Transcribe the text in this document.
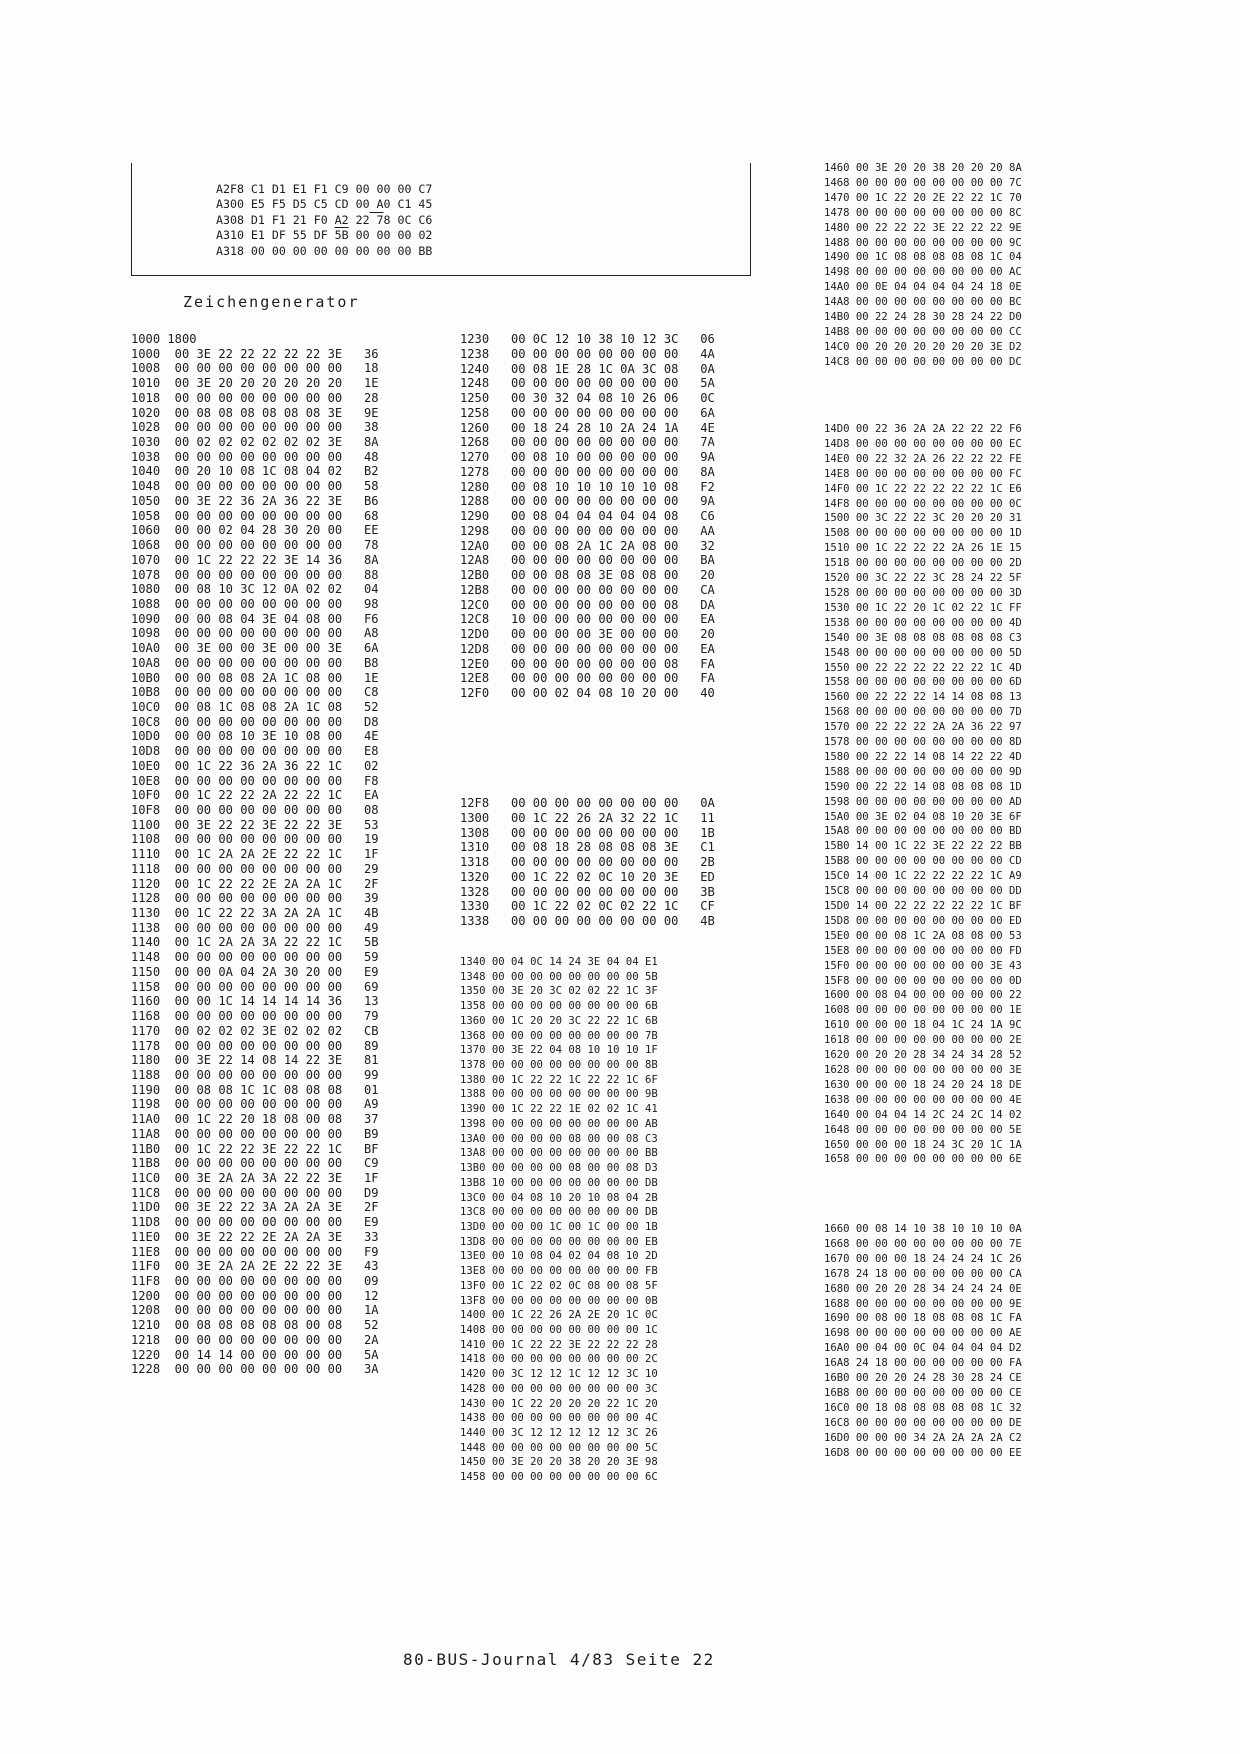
A2F8 C1 D1 E1 F1 C9 00 00 00 C7
A300 E5 F5 D5 C5 CD 00 A0 C1 45
A308 D1 F1 21 F0 A2 22 78 0C C6
A310 E1 DF 55 DF 5B 00 00 00 02
A318 00 00 00 00 00 00 00 00 BB
Zeichengenerator
1000 1800
1000  00 3E 22 22 22 22 22 3E   36
1008  00 00 00 00 00 00 00 00   18
1010  00 3E 20 20 20 20 20 20   1E
1018  00 00 00 00 00 00 00 00   28
1020  00 08 08 08 08 08 08 3E   9E
1028  00 00 00 00 00 00 00 00   38
1030  00 02 02 02 02 02 02 3E   8A
1038  00 00 00 00 00 00 00 00   48
1040  00 20 10 08 1C 08 04 02   B2
1048  00 00 00 00 00 00 00 00   58
1050  00 3E 22 36 2A 36 22 3E   B6
1058  00 00 00 00 00 00 00 00   68
1060  00 00 02 04 28 30 20 00   EE
1068  00 00 00 00 00 00 00 00   78
1070  00 1C 22 22 22 3E 14 36   8A
1078  00 00 00 00 00 00 00 00   88
1080  00 08 10 3C 12 0A 02 02   04
1088  00 00 00 00 00 00 00 00   98
1090  00 00 08 04 3E 04 08 00   F6
1098  00 00 00 00 00 00 00 00   A8
10A0  00 3E 00 00 3E 00 00 3E   6A
10A8  00 00 00 00 00 00 00 00   B8
10B0  00 00 08 08 2A 1C 08 00   1E
10B8  00 00 00 00 00 00 00 00   C8
10C0  00 08 1C 08 08 2A 1C 08   52
10C8  00 00 00 00 00 00 00 00   D8
10D0  00 00 08 10 3E 10 08 00   4E
10D8  00 00 00 00 00 00 00 00   E8
10E0  00 1C 22 36 2A 36 22 1C   02
10E8  00 00 00 00 00 00 00 00   F8
10F0  00 1C 22 22 2A 22 22 1C   EA
10F8  00 00 00 00 00 00 00 00   08
1100  00 3E 22 22 3E 22 22 3E   53
1108  00 00 00 00 00 00 00 00   19
1110  00 1C 2A 2A 2E 22 22 1C   1F
1118  00 00 00 00 00 00 00 00   29
1120  00 1C 22 22 2E 2A 2A 1C   2F
1128  00 00 00 00 00 00 00 00   39
1130  00 1C 22 22 3A 2A 2A 1C   4B
1138  00 00 00 00 00 00 00 00   49
1140  00 1C 2A 2A 3A 22 22 1C   5B
1148  00 00 00 00 00 00 00 00   59
1150  00 00 0A 04 2A 30 20 00   E9
1158  00 00 00 00 00 00 00 00   69
1160  00 00 1C 14 14 14 14 36   13
1168  00 00 00 00 00 00 00 00   79
1170  00 02 02 02 3E 02 02 02   CB
1178  00 00 00 00 00 00 00 00   89
1180  00 3E 22 14 08 14 22 3E   81
1188  00 00 00 00 00 00 00 00   99
1190  00 08 08 1C 1C 08 08 08   01
1198  00 00 00 00 00 00 00 00   A9
11A0  00 1C 22 20 18 08 00 08   37
11A8  00 00 00 00 00 00 00 00   B9
11B0  00 1C 22 22 3E 22 22 1C   BF
11B8  00 00 00 00 00 00 00 00   C9
11C0  00 3E 2A 2A 3A 22 22 3E   1F
11C8  00 00 00 00 00 00 00 00   D9
11D0  00 3E 22 22 3A 2A 2A 3E   2F
11D8  00 00 00 00 00 00 00 00   E9
11E0  00 3E 22 22 2E 2A 2A 3E   33
11E8  00 00 00 00 00 00 00 00   F9
11F0  00 3E 2A 2A 2E 22 22 3E   43
11F8  00 00 00 00 00 00 00 00   09
1200  00 00 00 00 00 00 00 00   12
1208  00 00 00 00 00 00 00 00   1A
1210  00 08 08 08 08 08 00 08   52
1218  00 00 00 00 00 00 00 00   2A
1220  00 14 14 00 00 00 00 00   5A
1228  00 00 00 00 00 00 00 00   3A
1230   00 0C 12 10 38 10 12 3C   06
1238   00 00 00 00 00 00 00 00   4A
1240   00 08 1E 28 1C 0A 3C 08   0A
1248   00 00 00 00 00 00 00 00   5A
1250   00 30 32 04 08 10 26 06   0C
1258   00 00 00 00 00 00 00 00   6A
1260   00 18 24 28 10 2A 24 1A   4E
1268   00 00 00 00 00 00 00 00   7A
1270   00 08 10 00 00 00 00 00   9A
1278   00 00 00 00 00 00 00 00   8A
1280   00 08 10 10 10 10 10 08   F2
1288   00 00 00 00 00 00 00 00   9A
1290   00 08 04 04 04 04 04 08   C6
1298   00 00 00 00 00 00 00 00   AA
12A0   00 00 08 2A 1C 2A 08 00   32
12A8   00 00 00 00 00 00 00 00   BA
12B0   00 00 08 08 3E 08 08 00   20
12B8   00 00 00 00 00 00 00 00   CA
12C0   00 00 00 00 00 00 00 08   DA
12C8   10 00 00 00 00 00 00 00   EA
12D0   00 00 00 00 3E 00 00 00   20
12D8   00 00 00 00 00 00 00 00   EA
12E0   00 00 00 00 00 00 00 08   FA
12E8   00 00 00 00 00 00 00 00   FA
12F0   00 00 02 04 08 10 20 00   40
12F8   00 00 00 00 00 00 00 00   0A
1300   00 1C 22 26 2A 32 22 1C   11
1308   00 00 00 00 00 00 00 00   1B
1310   00 08 18 28 08 08 08 3E   C1
1318   00 00 00 00 00 00 00 00   2B
1320   00 1C 22 02 0C 10 20 3E   ED
1328   00 00 00 00 00 00 00 00   3B
1330   00 1C 22 02 0C 02 22 1C   CF
1338   00 00 00 00 00 00 00 00   4B
1340 00 04 0C 14 24 3E 04 04 E1
1348 00 00 00 00 00 00 00 00 5B
1350 00 3E 20 3C 02 02 22 1C 3F
1358 00 00 00 00 00 00 00 00 6B
1360 00 1C 20 20 3C 22 22 1C 6B
1368 00 00 00 00 00 00 00 00 7B
1370 00 3E 22 04 08 10 10 10 1F
1378 00 00 00 00 00 00 00 00 8B
1380 00 1C 22 22 1C 22 22 1C 6F
1388 00 00 00 00 00 00 00 00 9B
1390 00 1C 22 22 1E 02 02 1C 41
1398 00 00 00 00 00 00 00 00 AB
13A0 00 00 00 00 08 00 00 08 C3
13A8 00 00 00 00 00 00 00 00 BB
13B0 00 00 00 00 08 00 00 08 D3
13B8 10 00 00 00 00 00 00 00 DB
13C0 00 04 08 10 20 10 08 04 2B
13C8 00 00 00 00 00 00 00 00 DB
13D0 00 00 00 1C 00 1C 00 00 1B
13D8 00 00 00 00 00 00 00 00 EB
13E0 00 10 08 04 02 04 08 10 2D
13E8 00 00 00 00 00 00 00 00 FB
13F0 00 1C 22 02 0C 08 00 08 5F
13F8 00 00 00 00 00 00 00 00 0B
1400 00 1C 22 26 2A 2E 20 1C 0C
1408 00 00 00 00 00 00 00 00 1C
1410 00 1C 22 22 3E 22 22 22 28
1418 00 00 00 00 00 00 00 00 2C
1420 00 3C 12 12 1C 12 12 3C 10
1428 00 00 00 00 00 00 00 00 3C
1430 00 1C 22 20 20 20 22 1C 20
1438 00 00 00 00 00 00 00 00 4C
1440 00 3C 12 12 12 12 12 3C 26
1448 00 00 00 00 00 00 00 00 5C
1450 00 3E 20 20 38 20 20 3E 98
1458 00 00 00 00 00 00 00 00 6C
1460 00 3E 20 20 38 20 20 20 8A
1468 00 00 00 00 00 00 00 00 7C
1470 00 1C 22 20 2E 22 22 1C 70
1478 00 00 00 00 00 00 00 00 8C
1480 00 22 22 22 3E 22 22 22 9E
1488 00 00 00 00 00 00 00 00 9C
1490 00 1C 08 08 08 08 08 1C 04
1498 00 00 00 00 00 00 00 00 AC
14A0 00 0E 04 04 04 04 24 18 0E
14A8 00 00 00 00 00 00 00 00 BC
14B0 00 22 24 28 30 28 24 22 D0
14B8 00 00 00 00 00 00 00 00 CC
14C0 00 20 20 20 20 20 20 3E D2
14C8 00 00 00 00 00 00 00 00 DC
14D0 00 22 36 2A 2A 22 22 22 F6
14D8 00 00 00 00 00 00 00 00 EC
14E0 00 22 32 2A 26 22 22 22 FE
14E8 00 00 00 00 00 00 00 00 FC
14F0 00 1C 22 22 22 22 22 1C E6
14F8 00 00 00 00 00 00 00 00 0C
1500 00 3C 22 22 3C 20 20 20 31
1508 00 00 00 00 00 00 00 00 1D
1510 00 1C 22 22 22 2A 26 1E 15
1518 00 00 00 00 00 00 00 00 2D
1520 00 3C 22 22 3C 28 24 22 5F
1528 00 00 00 00 00 00 00 00 3D
1530 00 1C 22 20 1C 02 22 1C FF
1538 00 00 00 00 00 00 00 00 4D
1540 00 3E 08 08 08 08 08 08 C3
1548 00 00 00 00 00 00 00 00 5D
1550 00 22 22 22 22 22 22 1C 4D
1558 00 00 00 00 00 00 00 00 6D
1560 00 22 22 22 14 14 08 08 13
1568 00 00 00 00 00 00 00 00 7D
1570 00 22 22 22 2A 2A 36 22 97
1578 00 00 00 00 00 00 00 00 8D
1580 00 22 22 14 08 14 22 22 4D
1588 00 00 00 00 00 00 00 00 9D
1590 00 22 22 14 08 08 08 08 1D
1598 00 00 00 00 00 00 00 00 AD
15A0 00 3E 02 04 08 10 20 3E 6F
15A8 00 00 00 00 00 00 00 00 BD
15B0 14 00 1C 22 3E 22 22 22 BB
15B8 00 00 00 00 00 00 00 00 CD
15C0 14 00 1C 22 22 22 22 1C A9
15C8 00 00 00 00 00 00 00 00 DD
15D0 14 00 22 22 22 22 22 1C BF
15D8 00 00 00 00 00 00 00 00 ED
15E0 00 00 08 1C 2A 08 08 00 53
15E8 00 00 00 00 00 00 00 00 FD
15F0 00 00 00 00 00 00 00 3E 43
15F8 00 00 00 00 00 00 00 00 0D
1600 00 08 04 00 00 00 00 00 22
1608 00 00 00 00 00 00 00 00 1E
1610 00 00 00 18 04 1C 24 1A 9C
1618 00 00 00 00 00 00 00 00 2E
1620 00 20 20 28 34 24 34 28 52
1628 00 00 00 00 00 00 00 00 3E
1630 00 00 00 18 24 20 24 18 DE
1638 00 00 00 00 00 00 00 00 4E
1640 00 04 04 14 2C 24 2C 14 02
1648 00 00 00 00 00 00 00 00 5E
1650 00 00 00 18 24 3C 20 1C 1A
1658 00 00 00 00 00 00 00 00 6E
1660 00 08 14 10 38 10 10 10 0A
1668 00 00 00 00 00 00 00 00 7E
1670 00 00 00 18 24 24 24 1C 26
1678 24 18 00 00 00 00 00 00 CA
1680 00 20 20 28 34 24 24 24 0E
1688 00 00 00 00 00 00 00 00 9E
1690 00 08 00 18 08 08 08 1C FA
1698 00 00 00 00 00 00 00 00 AE
16A0 00 04 00 0C 04 04 04 04 D2
16A8 24 18 00 00 00 00 00 00 FA
16B0 00 20 20 24 28 30 28 24 CE
16B8 00 00 00 00 00 00 00 00 CE
16C0 00 18 08 08 08 08 08 1C 32
16C8 00 00 00 00 00 00 00 00 DE
16D0 00 00 00 34 2A 2A 2A 2A C2
16D8 00 00 00 00 00 00 00 00 EE
80-BUS-Journal 4/83 Seite 22
